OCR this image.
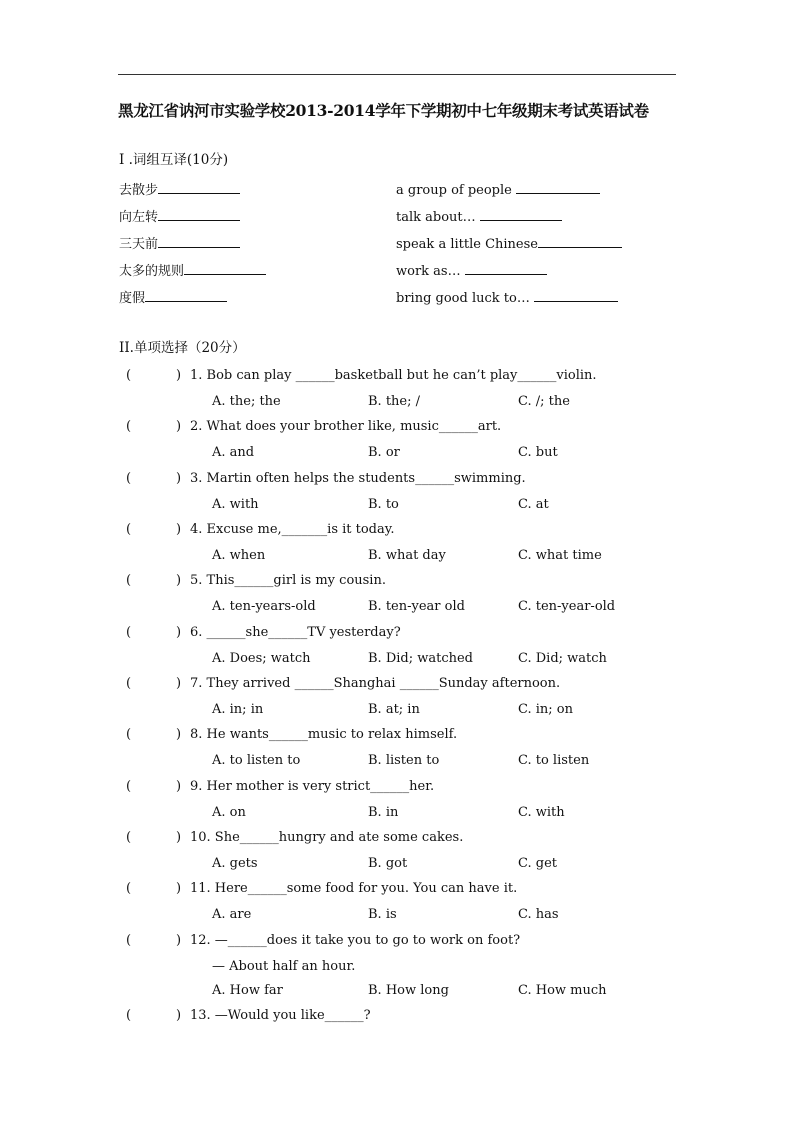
黑龙江省讷河市实验学校2013-2014学年下学期初中七年级期末考试英语试卷
I .词组互译(10分)
去散步	a group of people
向左转	talk about…
三天前	speak a little Chinese
太多的规则	work as…
度假	bring good luck to…
II.单项选择（20分）
(	) 1. Bob can play ______basketball but he can’t play______violin.
A. the; the	B. the; /	C. /; the
(	) 2. What does your brother like, music______art.
A. and	B. or	C. but
(	) 3. Martin often helps the students______swimming.
A. with	B. to	C. at
(	) 4. Excuse me,_______is it today.
A. when	B. what day	C. what time
(	) 5. This______girl is my cousin.
A. ten-years-old	B. ten-year old	C. ten-year-old
(	) 6. ______she______TV yesterday?
A. Does; watch	B. Did; watched	C. Did; watch
(	) 7. They arrived ______Shanghai ______Sunday afternoon.
A. in; in	B. at; in	C. in; on
(	) 8. He wants______music to relax himself.
A. to listen to	B. listen to	C. to listen
(	) 9. Her mother is very strict______her.
A. on	B. in	C. with
(	) 10. She______hungry and ate some cakes.
A. gets	B. got	C. get
(	) 11. Here______some food for you. You can have it.
A. are	B. is	C. has
(	) 12. —______does it take you to go to work on foot?
— About half an hour.
A. How far	B. How long	C. How much
(	) 13. —Would you like______?
